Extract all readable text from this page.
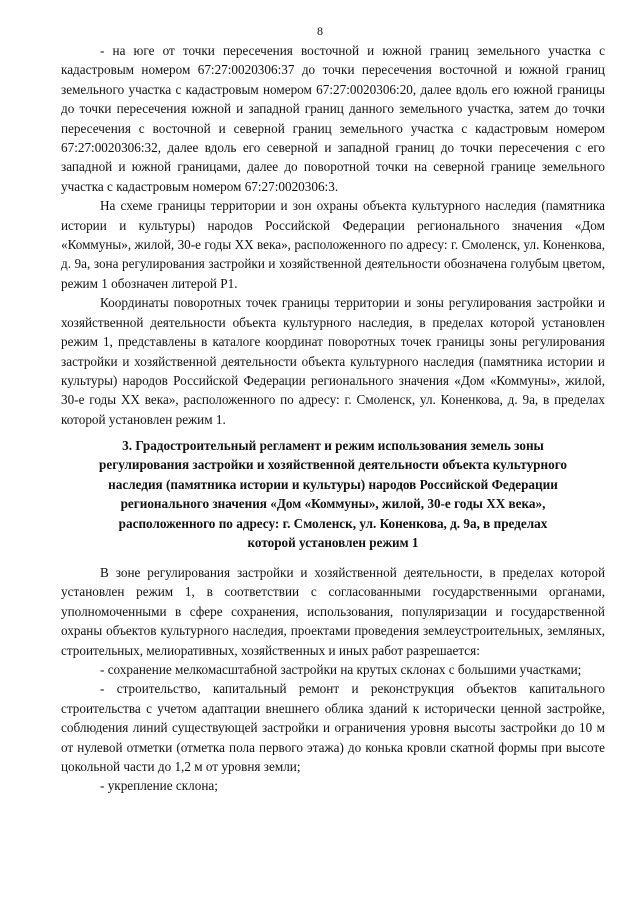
8

- на юге от точки пересечения восточной и южной границ земельного участка с кадастровым номером 67:27:0020306:37 до точки пересечения восточной и южной границ земельного участка с кадастровым номером 67:27:0020306:20, далее вдоль его южной границы до точки пересечения южной и западной границ данного земельного участка, затем до точки пересечения с восточной и северной границ земельного участка с кадастровым номером 67:27:0020306:32, далее вдоль его северной и западной границ до точки пересечения с его западной и южной границами, далее до поворотной точки на северной границе земельного участка с кадастровым номером 67:27:0020306:3.

На схеме границы территории и зон охраны объекта культурного наследия (памятника истории и культуры) народов Российской Федерации регионального значения «Дом «Коммуны», жилой, 30-е годы XX века», расположенного по адресу: г. Смоленск, ул. Коненкова, д. 9а, зона регулирования застройки и хозяйственной деятельности обозначена голубым цветом, режим 1 обозначен литерой Р1.

Координаты поворотных точек границы территории и зоны регулирования застройки и хозяйственной деятельности объекта культурного наследия, в пределах которой установлен режим 1, представлены в каталоге координат поворотных точек границы зоны регулирования застройки и хозяйственной деятельности объекта культурного наследия (памятника истории и культуры) народов Российской Федерации регионального значения «Дом «Коммуны», жилой, 30-е годы XX века», расположенного по адресу: г. Смоленск, ул. Коненкова, д. 9а, в пределах которой установлен режим 1.

3. Градостроительный регламент и режим использования земель зоны
регулирования застройки и хозяйственной деятельности объекта культурного
наследия (памятника истории и культуры) народов Российской Федерации
регионального значения «Дом «Коммуны», жилой, 30-е годы XX века»,
расположенного по адресу: г. Смоленск, ул. Коненкова, д. 9а, в пределах
которой установлен режим 1

В зоне регулирования застройки и хозяйственной деятельности, в пределах которой установлен режим 1, в соответствии с согласованными государственными органами, уполномоченными в сфере сохранения, использования, популяризации и государственной охраны объектов культурного наследия, проектами проведения землеустроительных, земляных, строительных, мелиоративных, хозяйственных и иных работ разрешается:

- сохранение мелкомасштабной застройки на крутых склонах с большими участками;

- строительство, капитальный ремонт и реконструкция объектов капитального строительства с учетом адаптации внешнего облика зданий к исторически ценной застройке, соблюдения линий существующей застройки и ограничения уровня высоты застройки до 10 м от нулевой отметки (отметка пола первого этажа) до конька кровли скатной формы при высоте цокольной части до 1,2 м от уровня земли;

- укрепление склона;
